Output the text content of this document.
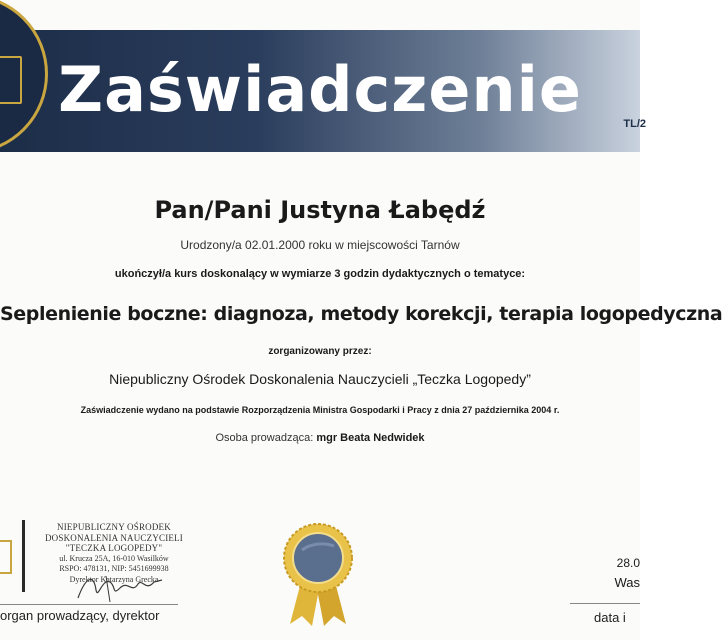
Zaświadczenie	TL/2
Pan/Pani Justyna Łabędź
Urodzony/a 02.01.2000 roku w miejscowości Tarnów
ukończył/a kurs doskonalący w wymiarze 3 godzin dydaktycznych o tematyce:
Seplenienie boczne: diagnoza, metody korekcji, terapia logopedyczna
zorganizowany przez:
Niepubliczny Ośrodek Doskonalenia Nauczycieli „Teczka Logopedy”
Zaświadczenie wydano na podstawie Rozporządzenia Ministra Gospodarki i Pracy z dnia 27 października 2004 r.
Osoba prowadząca: mgr Beata Nedwidek
NIEPUBLICZNY OŚRODEK
DOSKONALENIA NAUCZYCIELI
"TECZKA LOGOPEDY"
ul. Krucza 25A, 16-010 Wasilków
RSPO: 478131, NIP: 5451699938
Dyrektor Katarzyna Grecka
organ prowadzący, dyrektor
28.0
Was
data i
